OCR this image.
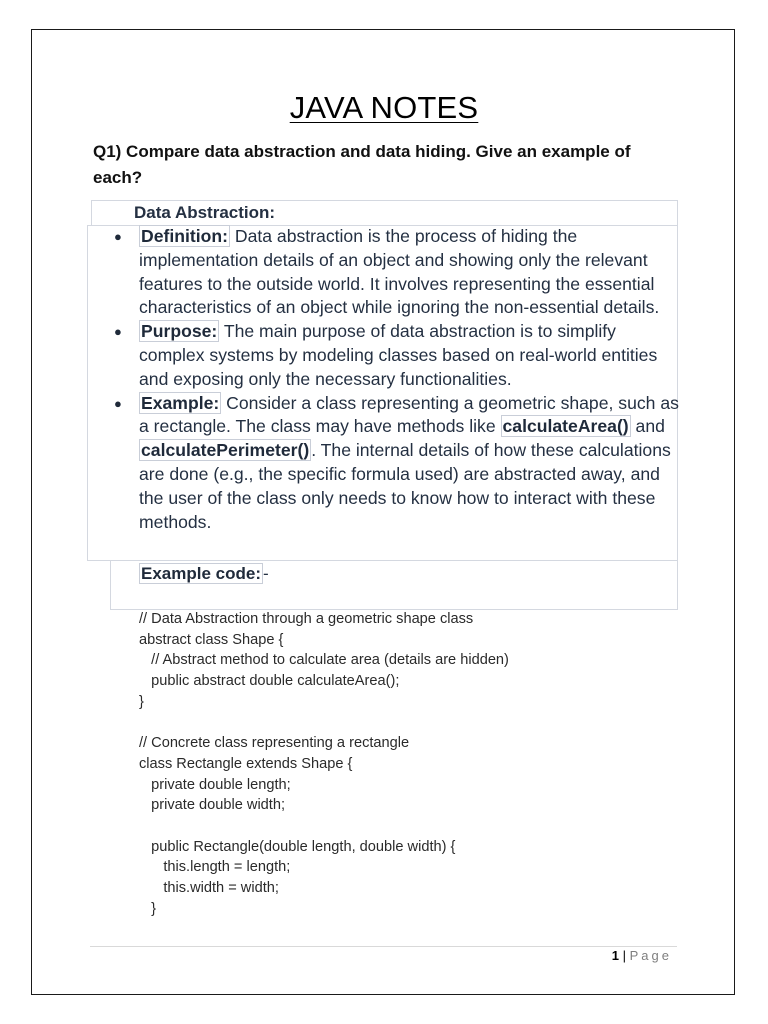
JAVA NOTES
Q1) Compare data abstraction and data hiding. Give an example of each?
Data Abstraction:
● Definition: Data abstraction is the process of hiding the implementation details of an object and showing only the relevant features to the outside world. It involves representing the essential characteristics of an object while ignoring the non-essential details.
● Purpose: The main purpose of data abstraction is to simplify complex systems by modeling classes based on real-world entities and exposing only the necessary functionalities.
● Example: Consider a class representing a geometric shape, such as a rectangle. The class may have methods like calculateArea() and calculatePerimeter() . The internal details of how these calculations are done (e.g., the specific formula used) are abstracted away, and the user of the class only needs to know how to interact with these methods.
Example code: -
// Data Abstraction through a geometric shape class
abstract class Shape {
// Abstract method to calculate area (details are hidden)
public abstract double calculateArea();
}
// Concrete class representing a rectangle
class Rectangle extends Shape {
private double length;
private double width;
public Rectangle(double length, double width) {
this.length = length;
this.width = width;
}
1 | Page
